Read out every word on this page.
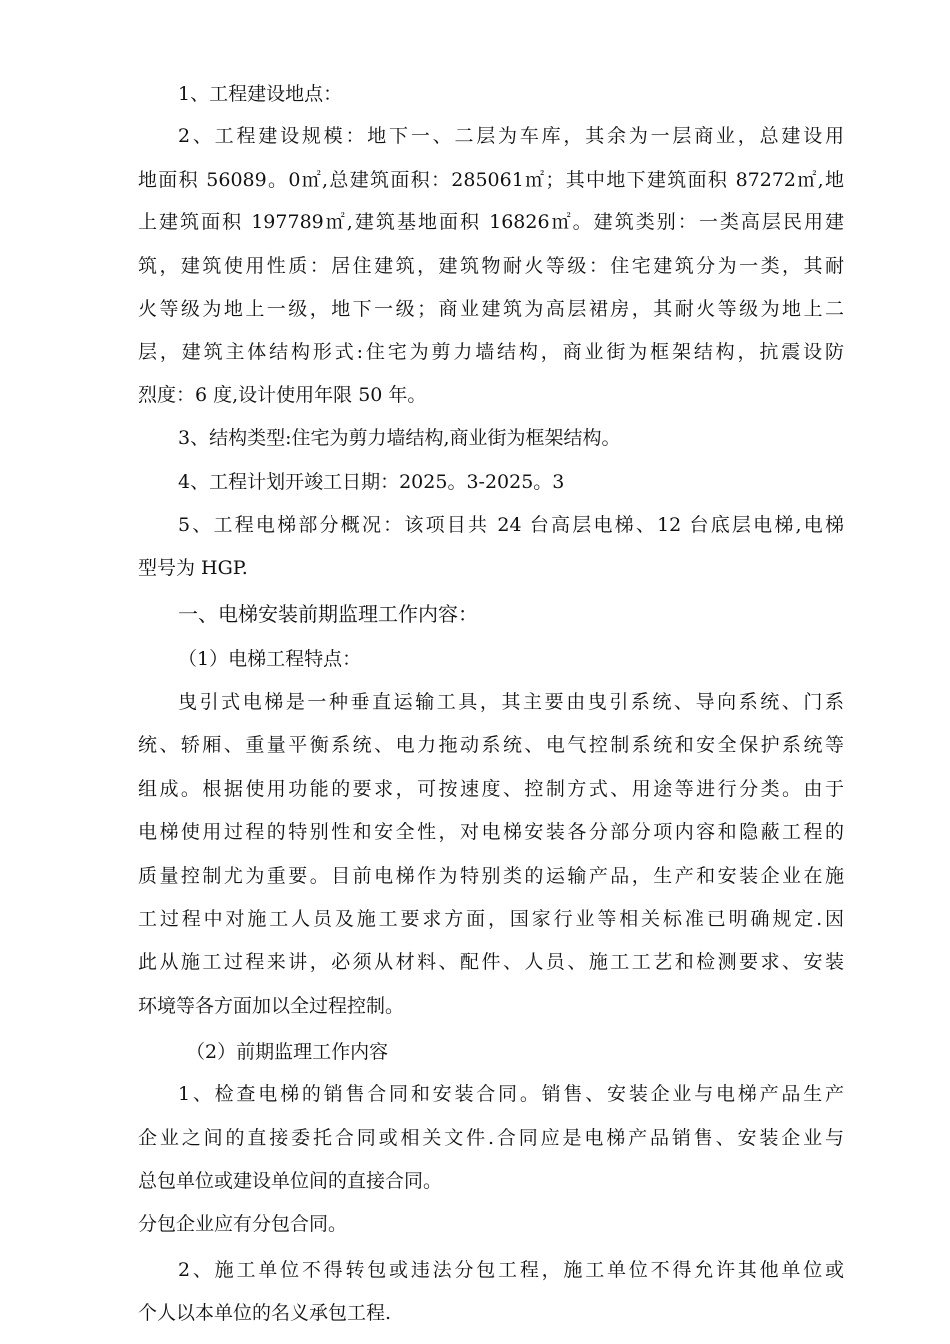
1、工程建设地点：
2、工程建设规模：地下一、二层为车库，其余为一层商业，总建设用
地面积 56089。0㎡,总建筑面积：285061㎡；其中地下建筑面积 87272㎡,地
上建筑面积 197789㎡,建筑基地面积 16826㎡。建筑类别：一类高层民用建
筑，建筑使用性质：居住建筑，建筑物耐火等级：住宅建筑分为一类，其耐
火等级为地上一级，地下一级；商业建筑为高层裙房，其耐火等级为地上二
层，建筑主体结构形式:住宅为剪力墙结构，商业街为框架结构，抗震设防
烈度：6 度,设计使用年限 50 年。
3、结构类型:住宅为剪力墙结构,商业街为框架结构。
4、工程计划开竣工日期：2025。3-2025。3
5、工程电梯部分概况：该项目共 24 台高层电梯、12 台底层电梯,电梯
型号为 HGP.
一、电梯安装前期监理工作内容：
（1）电梯工程特点：
曳引式电梯是一种垂直运输工具，其主要由曳引系统、导向系统、门系
统、轿厢、重量平衡系统、电力拖动系统、电气控制系统和安全保护系统等
组成。根据使用功能的要求，可按速度、控制方式、用途等进行分类。由于
电梯使用过程的特别性和安全性，对电梯安装各分部分项内容和隐蔽工程的
质量控制尤为重要。目前电梯作为特别类的运输产品，生产和安装企业在施
工过程中对施工人员及施工要求方面，国家行业等相关标准已明确规定.因
此从施工过程来讲，必须从材料、配件、人员、施工工艺和检测要求、安装
环境等各方面加以全过程控制。
（2）前期监理工作内容
1、检查电梯的销售合同和安装合同。销售、安装企业与电梯产品生产
企业之间的直接委托合同或相关文件.合同应是电梯产品销售、安装企业与
总包单位或建设单位间的直接合同。
分包企业应有分包合同。
2、施工单位不得转包或违法分包工程，施工单位不得允许其他单位或
个人以本单位的名义承包工程.
